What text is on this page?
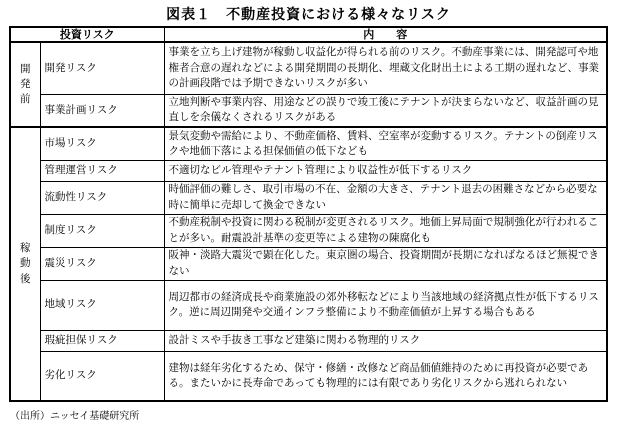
図表１　不動産投資における様々なリスク
投資リスク		内　　容

開
発
前	開発リスク	事業を立ち上げ建物が稼動し収益化が得られる前のリスク。不動産事業には、開発認可や地権者合意の遅れなどによる開発期間の長期化、埋蔵文化財出土による工期の遅れなど、事業の計画段階では予期できないリスクが多い
	事業計画リスク	立地判断や事業内容、用途などの誤りで竣工後にテナントが決まらないなど、収益計画の見直しを余儀なくされるリスクがある

稼
動
後	市場リスク	景気変動や需給により、不動産価格、賃料、空室率が変動するリスク。テナントの倒産リスクや地価下落による担保価値の低下なども
	管理運営リスク	不適切なビル管理やテナント管理により収益性が低下するリスク
	流動性リスク	時価評価の難しさ、取引市場の不在、金額の大きさ、テナント退去の困難さなどから必要な時に簡単に売却して換金できない
	制度リスク	不動産税制や投資に関わる税制が変更されるリスク。地価上昇局面で規制強化が行われることが多い。耐震設計基準の変更等による建物の陳腐化も
	震災リスク	阪神・淡路大震災で顕在化した。東京圏の場合、投資期間が長期になればなるほど無視できない
	地域リスク	周辺都市の経済成長や商業施設の郊外移転などにより当該地域の経済拠点性が低下するリスク。逆に周辺開発や交通インフラ整備により不動産価値が上昇する場合もある
	瑕疵担保リスク	設計ミスや手抜き工事など建築に関わる物理的リスク
	劣化リスク	建物は経年劣化するため、保守・修繕・改修など商品価値維持のために再投資が必要である。またいかに長寿命であっても物理的には有限であり劣化リスクから逃れられない
（出所）ニッセイ基礎研究所
